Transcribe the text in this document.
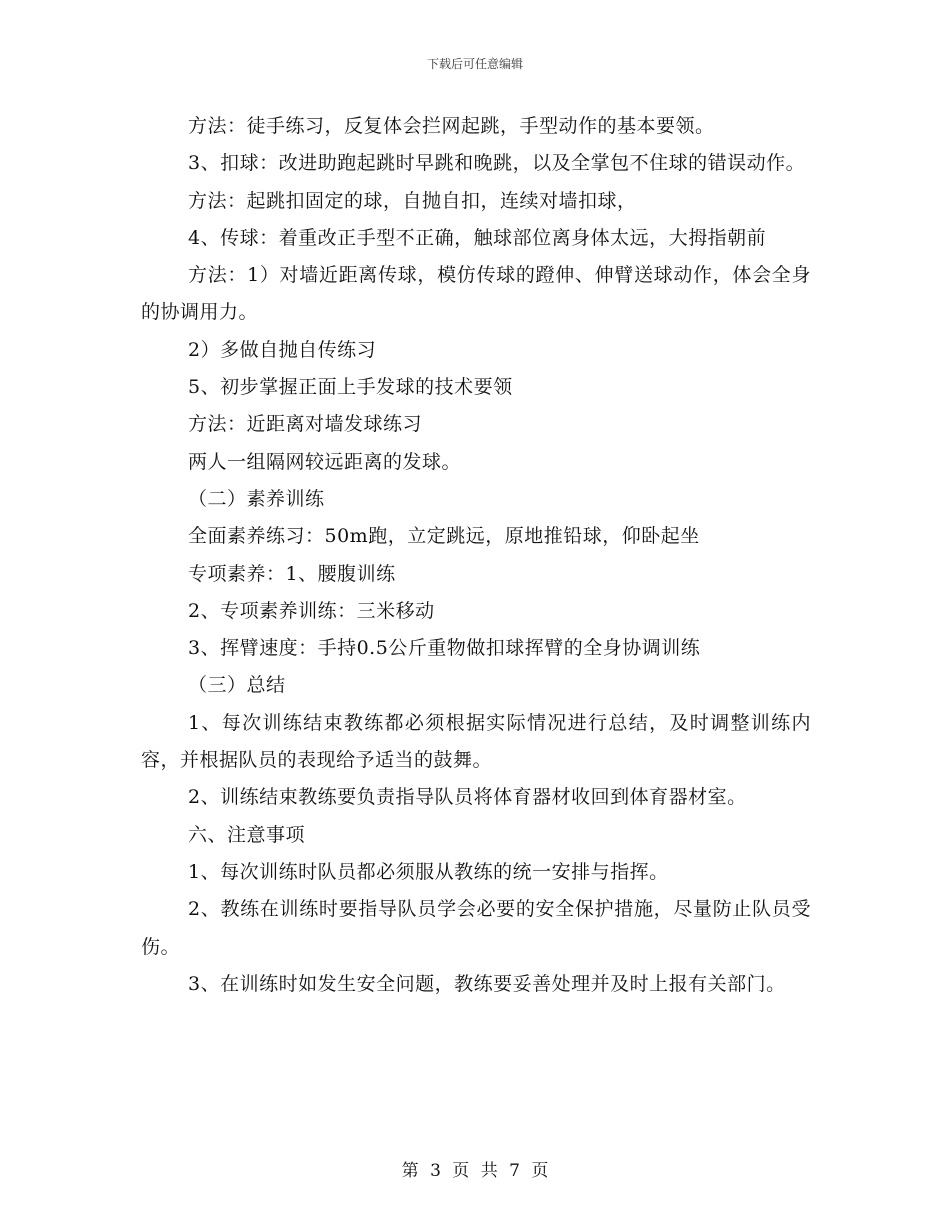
下载后可任意编辑

方法：徒手练习，反复体会拦网起跳，手型动作的基本要领。

3、扣球：改进助跑起跳时早跳和晚跳，以及全掌包不住球的错误动作。

方法：起跳扣固定的球，自抛自扣，连续对墙扣球，

4、传球：着重改正手型不正确，触球部位离身体太远，大拇指朝前

方法：1）对墙近距离传球，模仿传球的蹬伸、伸臂送球动作，体会全身的协调用力。

2）多做自抛自传练习

5、初步掌握正面上手发球的技术要领

方法：近距离对墙发球练习

两人一组隔网较远距离的发球。

（二）素养训练

全面素养练习：50m跑，立定跳远，原地推铅球，仰卧起坐

专项素养：1、腰腹训练

2、专项素养训练：三米移动

3、挥臂速度：手持0.5公斤重物做扣球挥臂的全身协调训练

（三）总结

1、每次训练结束教练都必须根据实际情况进行总结，及时调整训练内容，并根据队员的表现给予适当的鼓舞。

2、训练结束教练要负责指导队员将体育器材收回到体育器材室。

六、注意事项

1、每次训练时队员都必须服从教练的统一安排与指挥。

2、教练在训练时要指导队员学会必要的安全保护措施，尽量防止队员受伤。

3、在训练时如发生安全问题，教练要妥善处理并及时上报有关部门。

第 3 页 共 7 页
